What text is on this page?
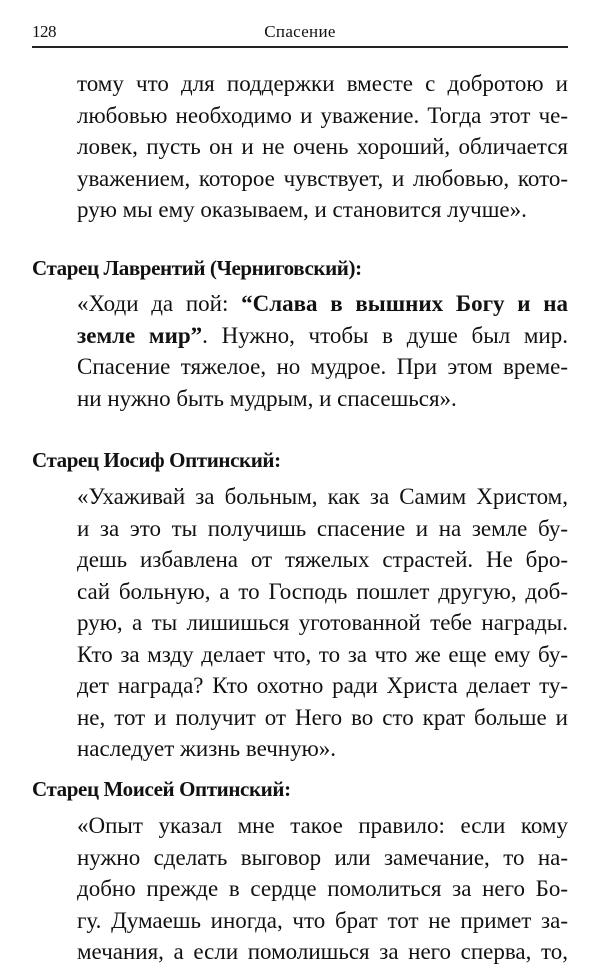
128	Спасение
тому что для поддержки вместе с добротою и
любовью необходимо и уважение. Тогда этот че-
ловек, пусть он и не очень хороший, обличается
уважением, которое чувствует, и любовью, кото-
рую мы ему оказываем, и становится лучше».
Старец Лаврентий (Черниговский):
«Ходи да пой: “Слава в вышних Богу и на
земле мир”. Нужно, чтобы в душе был мир.
Спасение тяжелое, но мудрое. При этом време-
ни нужно быть мудрым, и спасешься».
Старец Иосиф Оптинский:
«Ухаживай за больным, как за Самим Христом,
и за это ты получишь спасение и на земле бу-
дешь избавлена от тяжелых страстей. Не бро-
сай больную, а то Господь пошлет другую, доб-
рую, а ты лишишься уготованной тебе награды.
Кто за мзду делает что, то за что же еще ему бу-
дет награда? Кто охотно ради Христа делает ту-
не, тот и получит от Него во сто крат больше и
наследует жизнь вечную».
Старец Моисей Оптинский:
«Опыт указал мне такое правило: если кому
нужно сделать выговор или замечание, то на-
добно прежде в сердце помолиться за него Бо-
гу. Думаешь иногда, что брат тот не примет за-
мечания, а если помолишься за него сперва, то,
